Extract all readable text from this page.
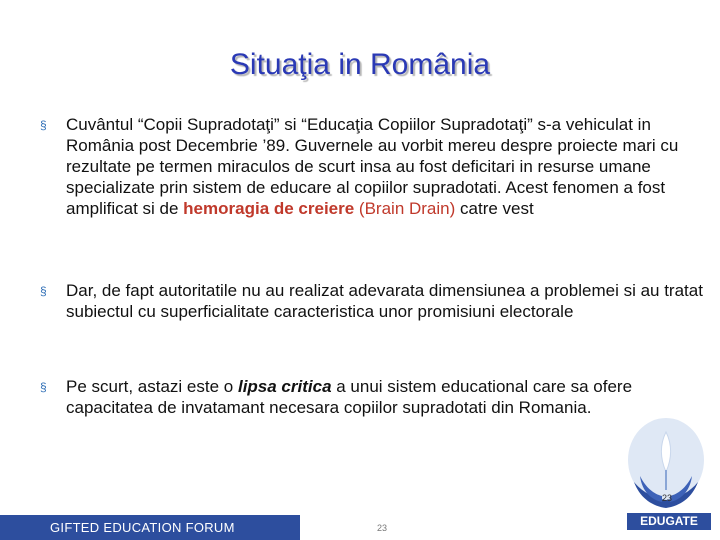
Situaţia in România

§ Cuvântul “Copii Supradotaţi” si “Educaţia Copiilor Supradotaţi” s-a vehiculat in România post Decembrie ’89. Guvernele au vorbit mereu despre proiecte mari cu rezultate pe termen miraculos de scurt insa au fost deficitari in resurse umane specializate prin sistem de educare al copiilor supradotati. Acest fenomen a fost amplificat si de hemoragia de creiere (Brain Drain) catre vest

§ Dar, de fapt autoritatile nu au realizat adevarata dimensiunea a problemei si au tratat subiectul cu superficialitate caracteristica unor promisiuni electorale

§ Pe scurt, astazi este o lipsa critica a unui sistem educational care sa ofere capacitatea de invatamant necesara copiilor supradotati din Romania.

GIFTED EDUCATION FORUM	23
23
EDUGATE
